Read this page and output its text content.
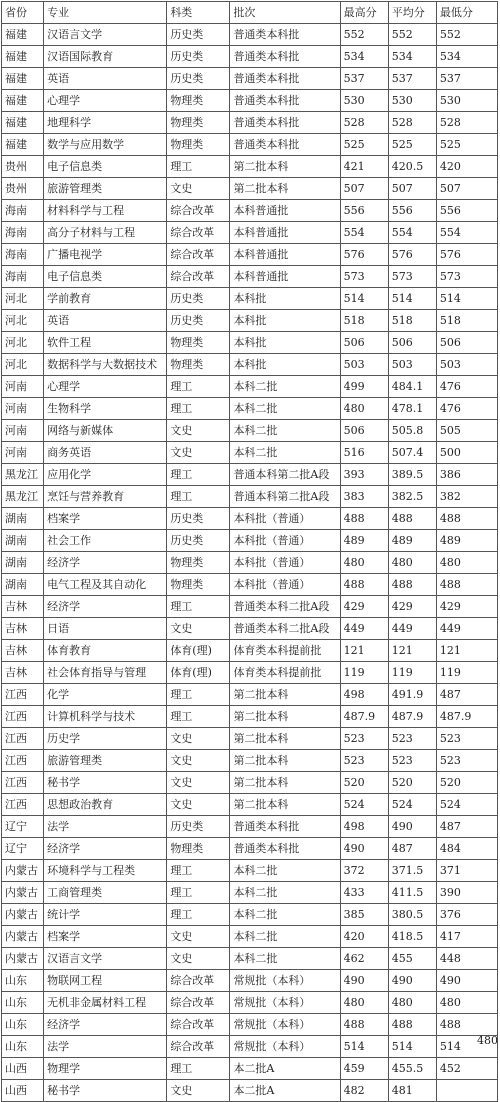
省份	专业	科类	批次	最高分	平均分	最低分
福建	汉语言文学	历史类	普通类本科批	552	552	552
福建	汉语国际教育	历史类	普通类本科批	534	534	534
福建	英语	历史类	普通类本科批	537	537	537
福建	心理学	物理类	普通类本科批	530	530	530
福建	地理科学	物理类	普通类本科批	528	528	528
福建	数学与应用数学	物理类	普通类本科批	525	525	525
贵州	电子信息类	理工	第二批本科	421	420.5	420
贵州	旅游管理类	文史	第二批本科	507	507	507
海南	材料科学与工程	综合改革	本科普通批	556	556	556
海南	高分子材料与工程	综合改革	本科普通批	554	554	554
海南	广播电视学	综合改革	本科普通批	576	576	576
海南	电子信息类	综合改革	本科普通批	573	573	573
河北	学前教育	历史类	本科批	514	514	514
河北	英语	历史类	本科批	518	518	518
河北	软件工程	物理类	本科批	506	506	506
河北	数据科学与大数据技术	物理类	本科批	503	503	503
河南	心理学	理工	本科二批	499	484.1	476
河南	生物科学	理工	本科二批	480	478.1	476
河南	网络与新媒体	文史	本科二批	506	505.8	505
河南	商务英语	文史	本科二批	516	507.4	500
黑龙江	应用化学	理工	普通本科第二批A段	393	389.5	386
黑龙江	烹饪与营养教育	理工	普通本科第二批A段	383	382.5	382
湖南	档案学	历史类	本科批（普通）	488	488	488
湖南	社会工作	历史类	本科批（普通）	489	489	489
湖南	经济学	物理类	本科批（普通）	480	480	480
湖南	电气工程及其自动化	物理类	本科批（普通）	488	488	488
吉林	经济学	理工	普通类本科二批A段	429	429	429
吉林	日语	文史	普通类本科二批A段	449	449	449
吉林	体育教育	体育(理)	体育类本科提前批	121	121	121
吉林	社会体育指导与管理	体育(理)	体育类本科提前批	119	119	119
江西	化学	理工	第二批本科	498	491.9	487
江西	计算机科学与技术	理工	第二批本科	487.9	487.9	487.9
江西	历史学	文史	第二批本科	523	523	523
江西	旅游管理类	文史	第二批本科	523	523	523
江西	秘书学	文史	第二批本科	520	520	520
江西	思想政治教育	文史	第二批本科	524	524	524
辽宁	法学	历史类	普通类本科批	498	490	487
辽宁	经济学	物理类	普通类本科批	490	487	484
内蒙古	环境科学与工程类	理工	本科二批	372	371.5	371
内蒙古	工商管理类	理工	本科二批	433	411.5	390
内蒙古	统计学	理工	本科二批	385	380.5	376
内蒙古	档案学	文史	本科二批	420	418.5	417
内蒙古	汉语言文学	文史	本科二批	462	455	448
山东	物联网工程	综合改革	常规批（本科）	490	490	490
山东	无机非金属材料工程	综合改革	常规批（本科）	480	480	480
山东	经济学	综合改革	常规批（本科）	488	488	488
山东	法学	综合改革	常规批（本科）	514	514	514
山西	物理学	理工	本二批A	459	455.5	452
山西	秘书学	文史	本二批A	482	481	
480
